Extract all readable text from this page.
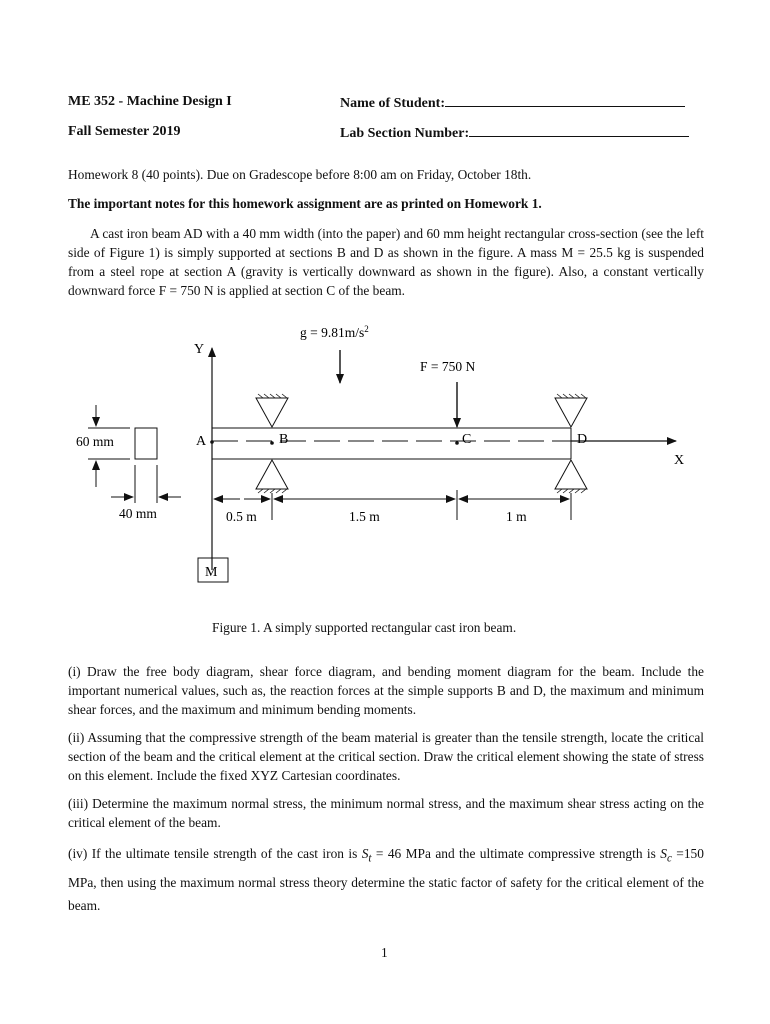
ME 352 - Machine Design I	Name of Student:
Fall Semester 2019	Lab Section Number:
Homework 8 (40 points). Due on Gradescope before 8:00 am on Friday, October 18th.
The important notes for this homework assignment are as printed on Homework 1.
A cast iron beam AD with a 40 mm width (into the paper) and 60 mm height rectangular cross-section (see the left side of Figure 1) is simply supported at sections B and D as shown in the figure. A mass M = 25.5 kg is suspended from a steel rope at section A (gravity is vertically downward as shown in the figure). Also, a constant vertically downward force F = 750 N is applied at section C of the beam.
$g = 9.81m/s^2$
Y
F = 750 N
X
A	B	C	D
0.5 m	1.5 m	1 m
60 mm
40 mm
M
Figure 1. A simply supported rectangular cast iron beam.
(i) Draw the free body diagram, shear force diagram, and bending moment diagram for the beam. Include the important numerical values, such as, the reaction forces at the simple supports B and D, the maximum and minimum shear forces, and the maximum and minimum bending moments.
(ii) Assuming that the compressive strength of the beam material is greater than the tensile strength, locate the critical section of the beam and the critical element at the critical section. Draw the critical element showing the state of stress on this element. Include the fixed XYZ Cartesian coordinates.
(iii) Determine the maximum normal stress, the minimum normal stress, and the maximum shear stress acting on the critical element of the beam.
(iv) If the ultimate tensile strength of the cast iron is $S_t = 46$ MPa and the ultimate compressive strength is $S_c =150$ MPa, then using the maximum normal stress theory determine the static factor of safety for the critical element of the beam.
1
